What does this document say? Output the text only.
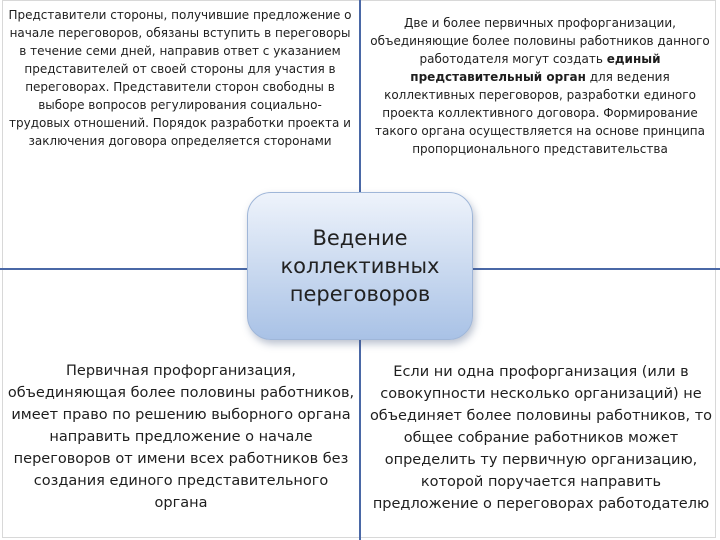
Представители стороны, получившие предложение о начале переговоров, обязаны вступить в переговоры в течение семи дней, направив ответ с указанием представителей от своей стороны для участия в переговорах. Представители сторон свободны в выборе вопросов регулирования социально-трудовых отношений. Порядок разработки проекта и заключения договора определяется сторонами

Две и более первичных профорганизации, объединяющие более половины работников данного работодателя могут создать единый представительный орган для ведения коллективных переговоров, разработки единого проекта коллективного договора. Формирование такого органа осуществляется на основе принципа пропорционального представительства

Первичная профорганизация, объединяющая более половины работников, имеет право по решению выборного органа направить предложение о начале переговоров от имени всех работников без создания единого представительного органа

Если ни одна профорганизация (или в совокупности несколько организаций) не объединяет более половины работников, то общее собрание работников может определить ту первичную организацию, которой поручается направить предложение о переговорах работодателю

Ведение коллективных переговоров
